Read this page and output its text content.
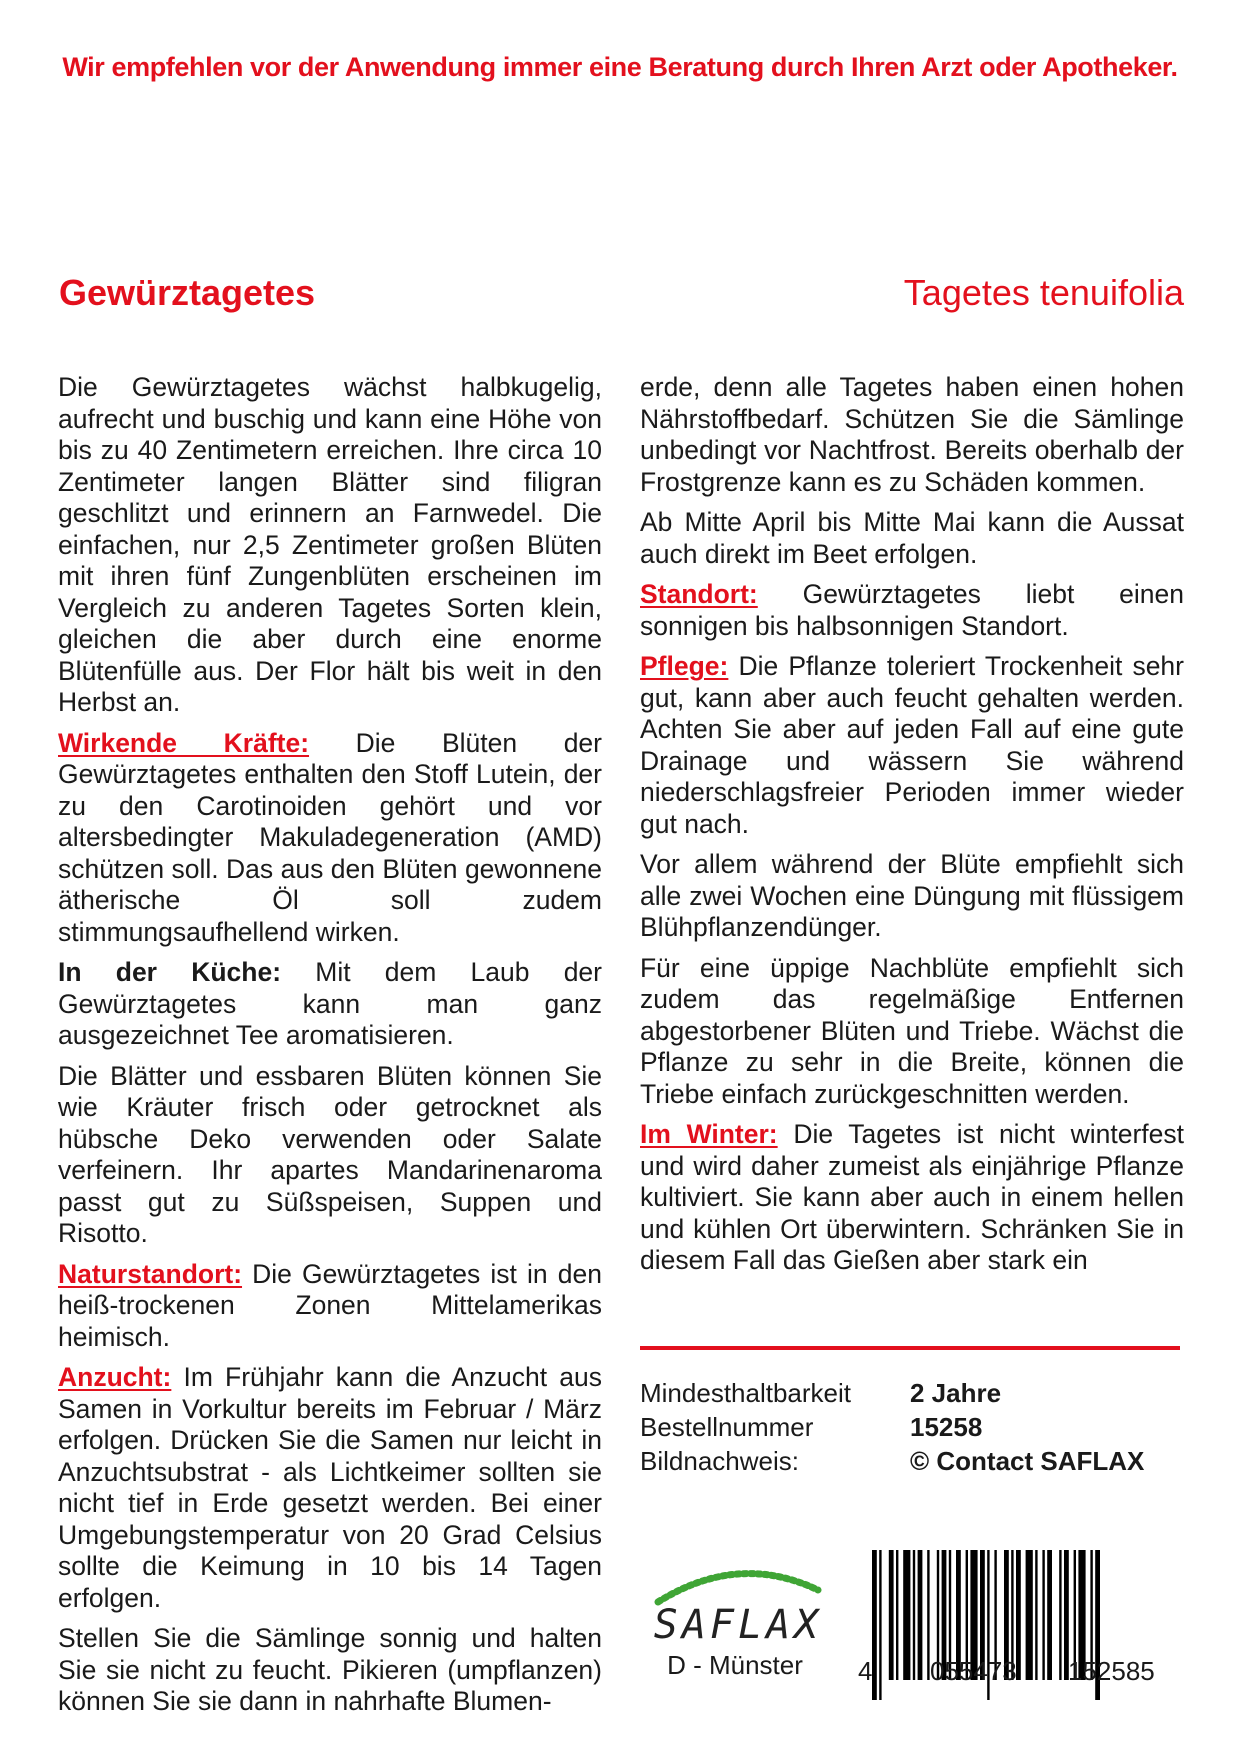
Wir empfehlen vor der Anwendung immer eine Beratung durch Ihren Arzt oder Apotheker.
Gewürztagetes	Tagetes tenuifolia

Die Gewürztagetes wächst halbkugelig, aufrecht und buschig und kann eine Höhe von bis zu 40 Zentimetern erreichen. Ihre circa 10 Zentimeter langen Blätter sind filigran geschlitzt und erinnern an Farnwedel. Die einfachen, nur 2,5 Zentimeter großen Blüten mit ihren fünf Zungenblüten erscheinen im Vergleich zu anderen Tagetes Sorten klein, gleichen die aber durch eine enorme Blütenfülle aus. Der Flor hält bis weit in den Herbst an.

Wirkende Kräfte: Die Blüten der Gewürztagetes enthalten den Stoff Lutein, der zu den Carotinoiden gehört und vor altersbedingter Makuladegeneration (AMD) schützen soll. Das aus den Blüten gewonnene ätherische Öl soll zudem stimmungsaufhellend wirken.

In der Küche: Mit dem Laub der Gewürztagetes kann man ganz ausgezeichnet Tee aromatisieren.

Die Blätter und essbaren Blüten können Sie wie Kräuter frisch oder getrocknet als hübsche Deko verwenden oder Salate verfeinern. Ihr apartes Mandarinenaroma passt gut zu Süßspeisen, Suppen und Risotto.

Naturstandort: Die Gewürztagetes ist in den heiß-trockenen Zonen Mittelamerikas heimisch.

Anzucht: Im Frühjahr kann die Anzucht aus Samen in Vorkultur bereits im Februar / März erfolgen. Drücken Sie die Samen nur leicht in Anzuchtsubstrat - als Lichtkeimer sollten sie nicht tief in Erde gesetzt werden. Bei einer Umgebungstemperatur von 20 Grad Celsius sollte die Keimung in 10 bis 14 Tagen erfolgen.

Stellen Sie die Sämlinge sonnig und halten Sie sie nicht zu feucht. Pikieren (umpflanzen) können Sie sie dann in nahrhafte Blumen-

erde, denn alle Tagetes haben einen hohen Nährstoffbedarf. Schützen Sie die Sämlinge unbedingt vor Nachtfrost. Bereits oberhalb der Frostgrenze kann es zu Schäden kommen.

Ab Mitte April bis Mitte Mai kann die Aussat auch direkt im Beet erfolgen.

Standort: Gewürztagetes liebt einen sonnigen bis halbsonnigen Standort.

Pflege: Die Pflanze toleriert Trockenheit sehr gut, kann aber auch feucht gehalten werden. Achten Sie aber auf jeden Fall auf eine gute Drainage und wässern Sie während niederschlagsfreier Perioden immer wieder gut nach.

Vor allem während der Blüte empfiehlt sich alle zwei Wochen eine Düngung mit flüssigem Blühpflanzendünger.

Für eine üppige Nachblüte empfiehlt sich zudem das regelmäßige Entfernen abgestorbener Blüten und Triebe. Wächst die Pflanze zu sehr in die Breite, können die Triebe einfach zurückgeschnitten werden.

Im Winter: Die Tagetes ist nicht winterfest und wird daher zumeist als einjährige Pflanze kultiviert. Sie kann aber auch in einem hellen und kühlen Ort überwintern. Schränken Sie in diesem Fall das Gießen aber stark ein

Mindesthaltbarkeit	2 Jahre
Bestellnummer	15258
Bildnachweis:	© Contact SAFLAX
SAFLAX
D - Münster	4 055473 152585
